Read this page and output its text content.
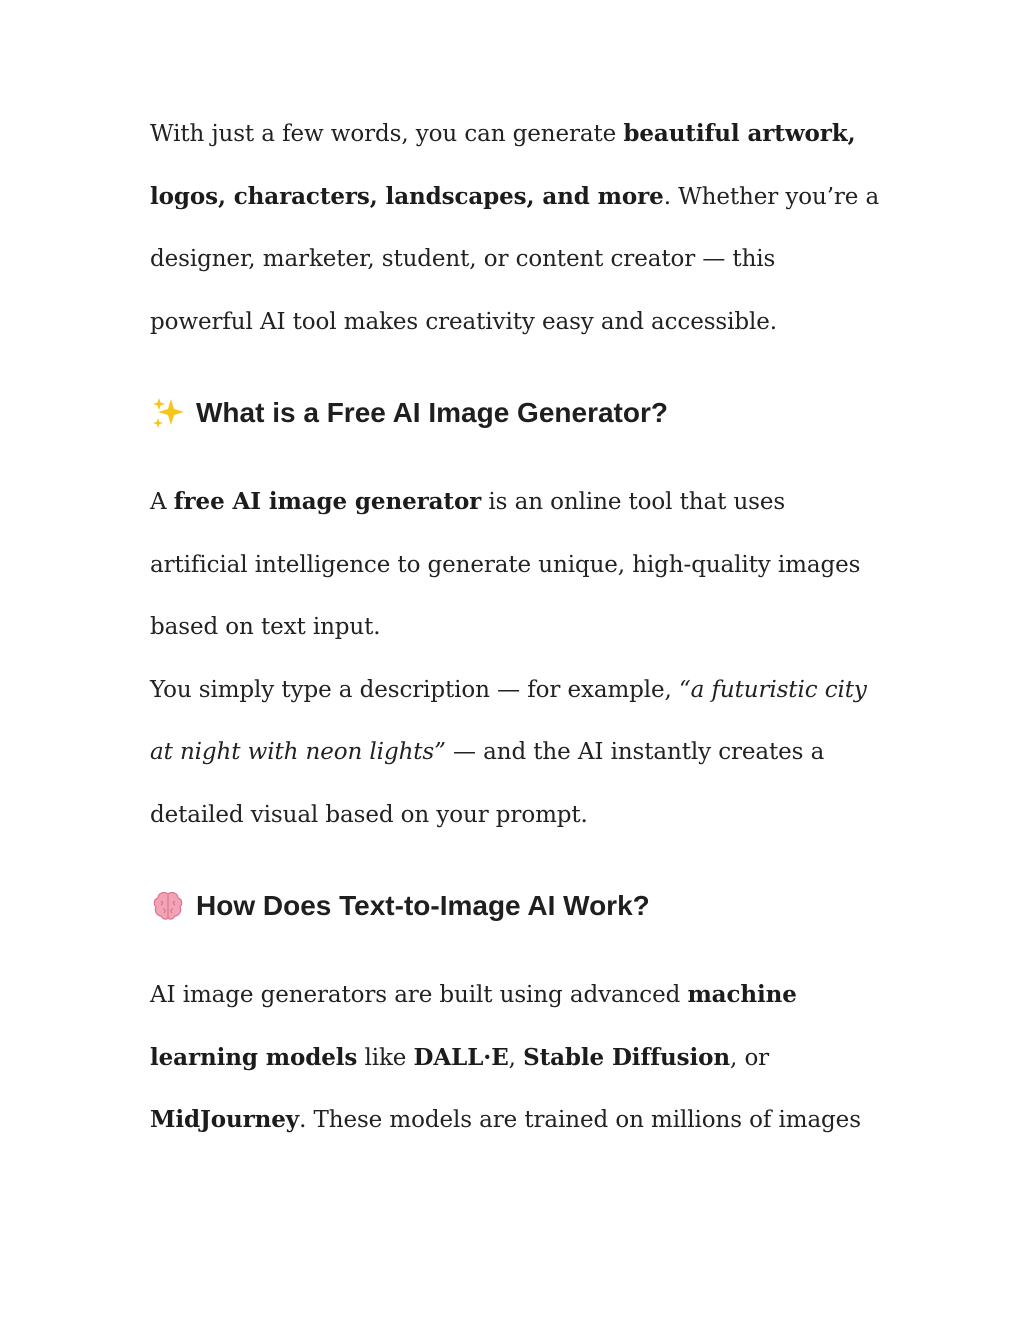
With just a few words, you can generate beautiful artwork, logos, characters, landscapes, and more. Whether you’re a designer, marketer, student, or content creator — this powerful AI tool makes creativity easy and accessible.

What is a Free AI Image Generator?

A free AI image generator is an online tool that uses artificial intelligence to generate unique, high-quality images based on text input.

You simply type a description — for example, “a futuristic city at night with neon lights” — and the AI instantly creates a detailed visual based on your prompt.

How Does Text-to-Image AI Work?

AI image generators are built using advanced machine learning models like DALL·E, Stable Diffusion, or MidJourney. These models are trained on millions of images
